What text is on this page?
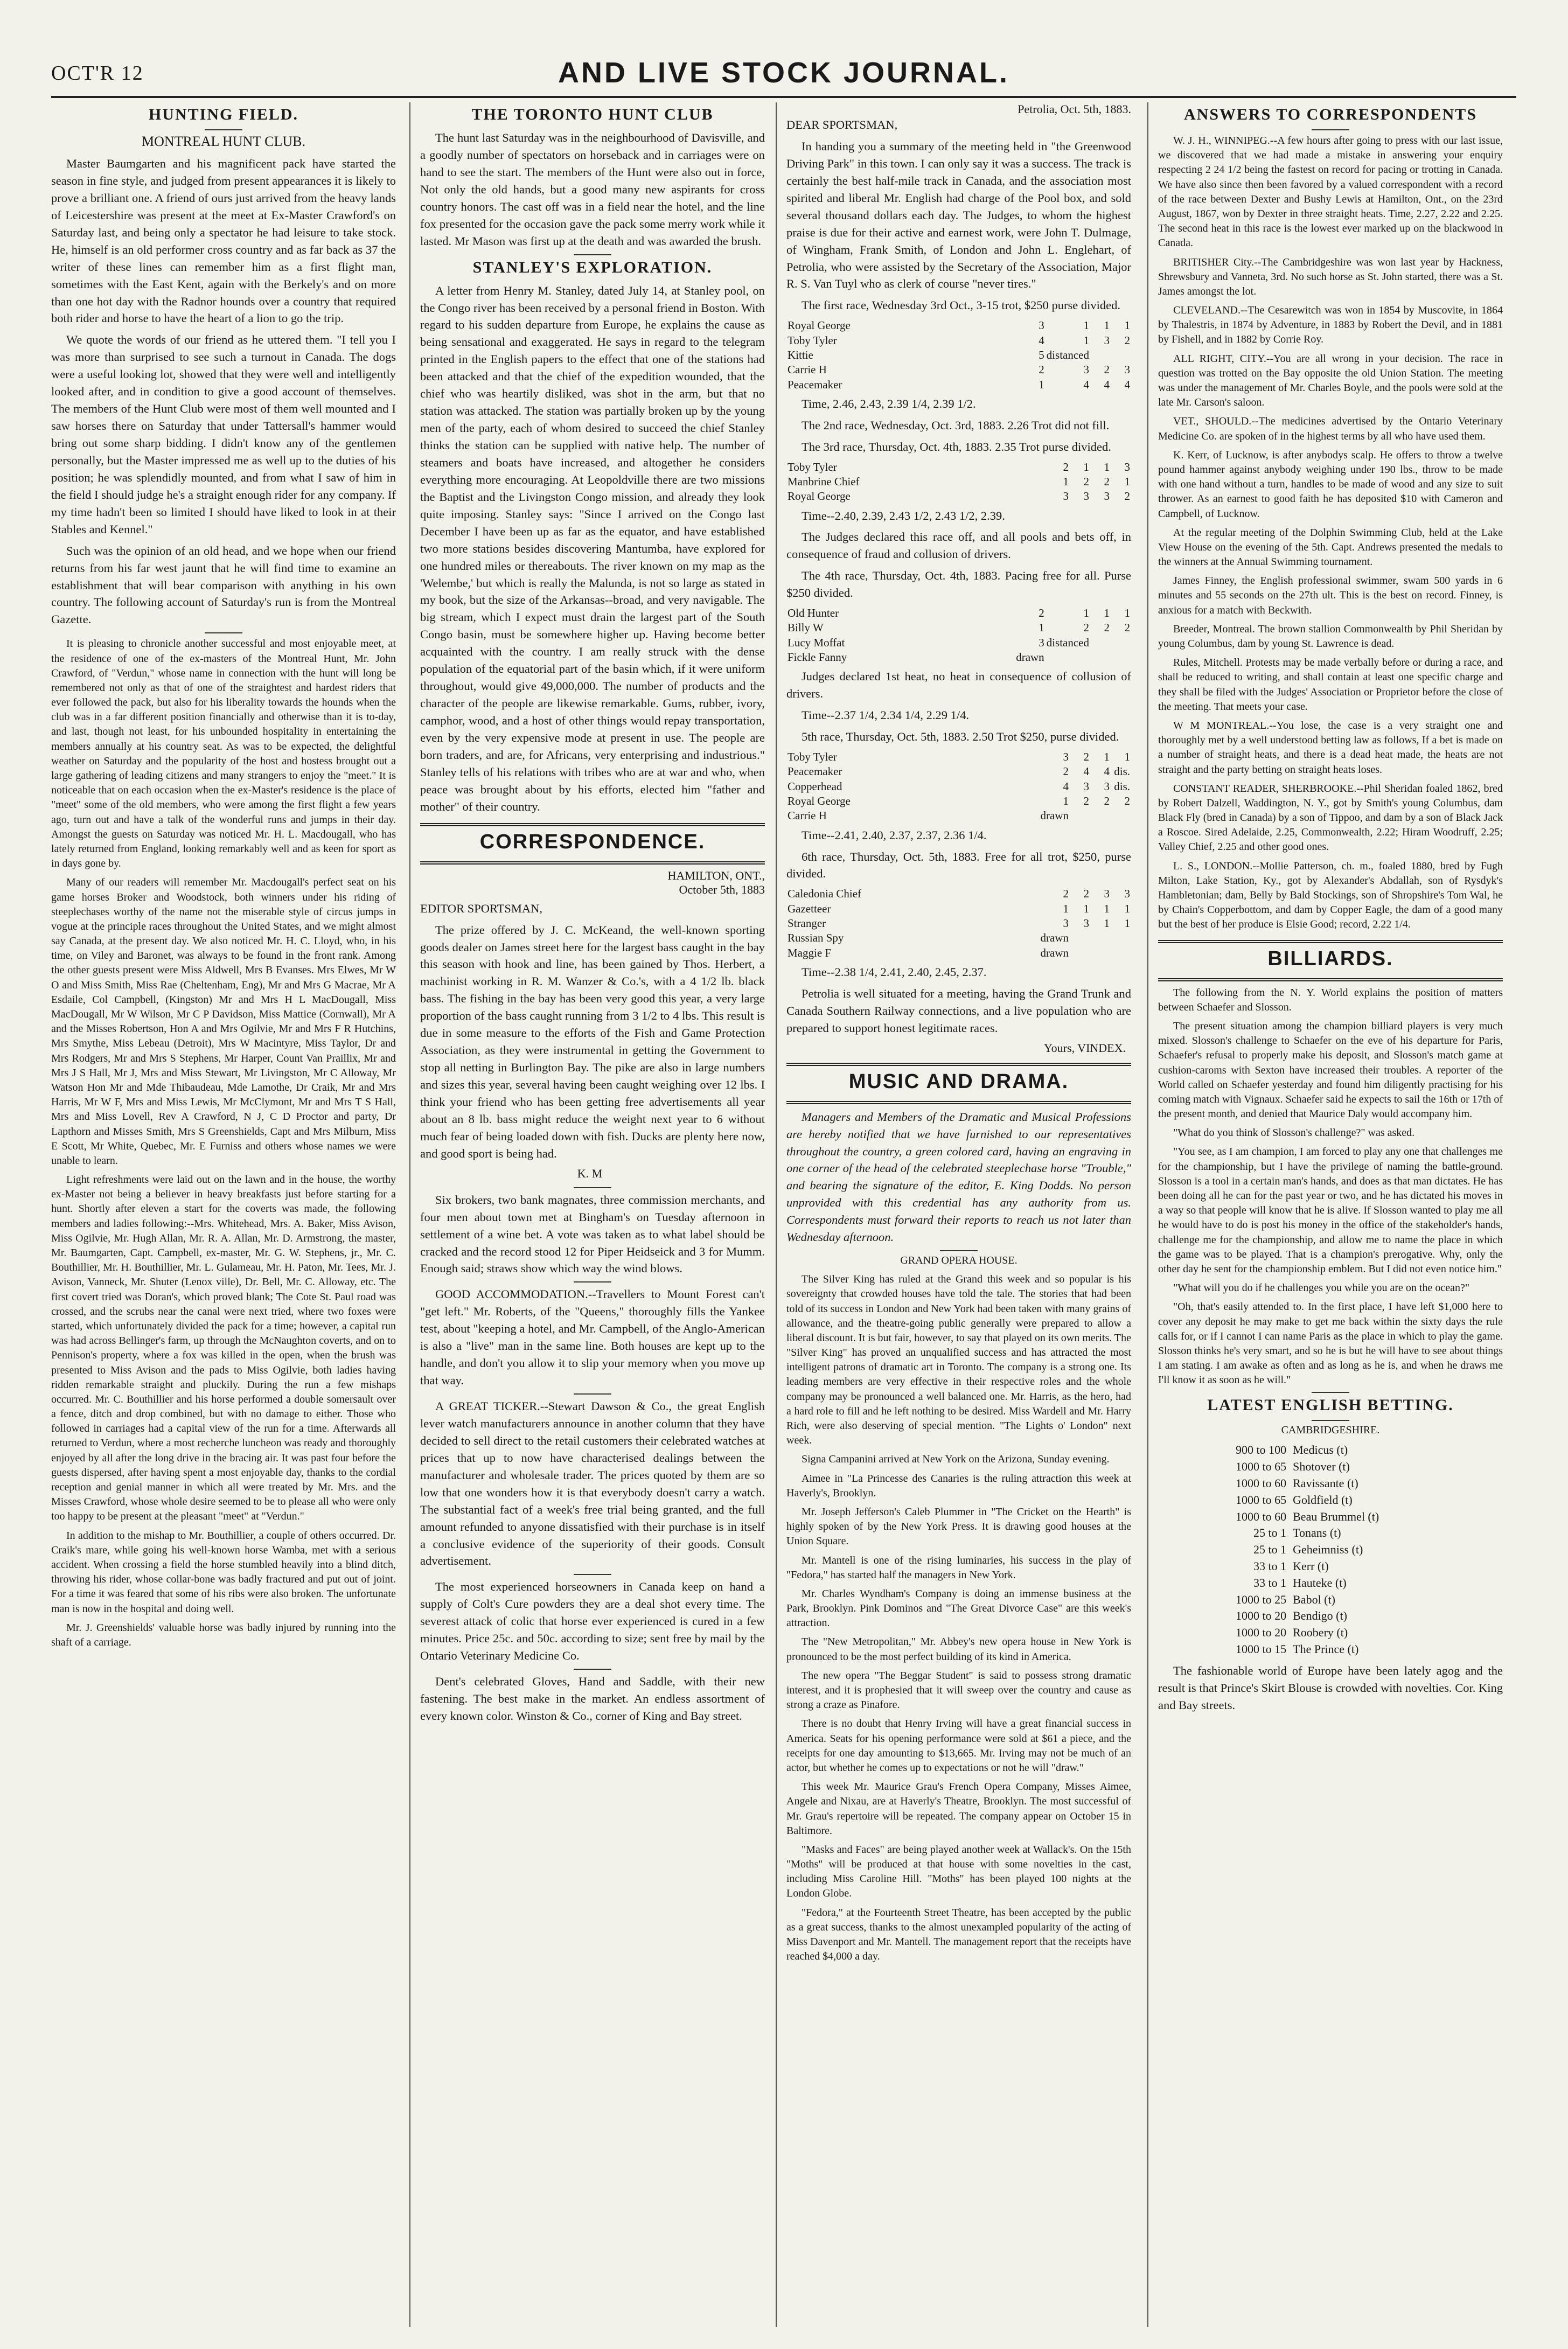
OCT'R 12	AND LIVE STOCK JOURNAL.
HUNTING FIELD.
MONTREAL HUNT CLUB.

Master Baumgarten and his magnificent pack have started the season in fine style, and judged from present appearances it is likely to prove a brilliant one. A friend of ours just arrived from the heavy lands of Leicestershire was present at the meet at Ex-Master Crawford's on Saturday last, and being only a spectator he had leisure to take stock. He, himself is an old performer cross country and as far back as 37 the writer of these lines can remember him as a first flight man, sometimes with the East Kent, again with the Berkely's and on more than one hot day with the Radnor hounds over a country that required both rider and horse to have the heart of a lion to go the trip.

We quote the words of our friend as he uttered them. "I tell you I was more than surprised to see such a turnout in Canada. The dogs were a useful looking lot, showed that they were well and intelligently looked after, and in condition to give a good account of themselves. The members of the Hunt Club were most of them well mounted and I saw horses there on Saturday that under Tattersall's hammer would bring out some sharp bidding. I didn't know any of the gentlemen personally, but the Master impressed me as well up to the duties of his position; he was splendidly mounted, and from what I saw of him in the field I should judge he's a straight enough rider for any company. If my time hadn't been so limited I should have liked to look in at their Stables and Kennel."

Such was the opinion of an old head, and we hope when our friend returns from his far west jaunt that he will find time to examine an establishment that will bear comparison with anything in his own country. The following account of Saturday's run is from the Montreal Gazette.

It is pleasing to chronicle another successful and most enjoyable meet, at the residence of one of the ex-masters of the Montreal Hunt, Mr. John Crawford, of "Verdun," whose name in connection with the hunt will long be remembered not only as that of one of the straightest and hardest riders that ever followed the pack, but also for his liberality towards the hounds when the club was in a far different position financially and otherwise than it is to-day, and last, though not least, for his unbounded hospitality in entertaining the members annually at his country seat. As was to be expected, the delightful weather on Saturday and the popularity of the host and hostess brought out a large gathering of leading citizens and many strangers to enjoy the "meet." It is noticeable that on each occasion when the ex-Master's residence is the place of "meet" some of the old members, who were among the first flight a few years ago, turn out and have a talk of the wonderful runs and jumps in their day. Amongst the guests on Saturday was noticed Mr. H. L. Macdougall, who has lately returned from England, looking remarkably well and as keen for sport as in days gone by.

Many of our readers will remember Mr. Macdougall's perfect seat on his game horses Broker and Woodstock, both winners under his riding of steeplechases worthy of the name not the miserable style of circus jumps in vogue at the principle races throughout the United States, and we might almost say Canada, at the present day. We also noticed Mr. H. C. Lloyd, who, in his time, on Viley and Baronet, was always to be found in the front rank. Among the other guests present were Miss Aldwell, Mrs B Evanses. Mrs Elwes, Mr W O and Miss Smith, Miss Rae (Cheltenham, Eng), Mr and Mrs G Macrae, Mr A Esdaile, Col Campbell, (Kingston) Mr and Mrs H L MacDougall, Miss MacDougall, Mr W Wilson, Mr C P Davidson, Miss Mattice (Cornwall), Mr A and the Misses Robertson, Hon A and Mrs Ogilvie, Mr and Mrs F R Hutchins, Mrs Smythe, Miss Lebeau (Detroit), Mrs W Macintyre, Miss Taylor, Dr and Mrs Rodgers, Mr and Mrs S Stephens, Mr Harper, Count Van Praillix, Mr and Mrs J S Hall, Mr J, Mrs and Miss Stewart, Mr Livingston, Mr C Alloway, Mr Watson Hon Mr and Mde Thibaudeau, Mde Lamothe, Dr Craik, Mr and Mrs Harris, Mr W F, Mrs and Miss Lewis, Mr McClymont, Mr and Mrs T S Hall, Mrs and Miss Lovell, Rev A Crawford, N J, C D Proctor and party, Dr Lapthorn and Misses Smith, Mrs S Greenshields, Capt and Mrs Milburn, Miss E Scott, Mr White, Quebec, Mr. E Furniss and others whose names we were unable to learn.

Light refreshments were laid out on the lawn and in the house, the worthy ex-Master not being a believer in heavy breakfasts just before starting for a hunt. Shortly after eleven a start for the coverts was made, the following members and ladies following:--Mrs. Whitehead, Mrs. A. Baker, Miss Avison, Miss Ogilvie, Mr. Hugh Allan, Mr. R. A. Allan, Mr. D. Armstrong, the master, Mr. Baumgarten, Capt. Campbell, ex-master, Mr. G. W. Stephens, jr., Mr. C. Bouthillier, Mr. H. Bouthillier, Mr. L. Gulameau, Mr. H. Paton, Mr. Tees, Mr. J. Avison, Vanneck, Mr. Shuter (Lenox ville), Dr. Bell, Mr. C. Alloway, etc. The first covert tried was Doran's, which proved blank; The Cote St. Paul road was crossed, and the scrubs near the canal were next tried, where two foxes were started, which unfortunately divided the pack for a time; however, a capital run was had across Bellinger's farm, up through the McNaughton coverts, and on to Pennison's property, where a fox was killed in the open, when the brush was presented to Miss Avison and the pads to Miss Ogilvie, both ladies having ridden remarkable straight and pluckily. During the run a few mishaps occurred. Mr. C. Bouthillier and his horse performed a double somersault over a fence, ditch and drop combined, but with no damage to either. Those who followed in carriages had a capital view of the run for a time. Afterwards all returned to Verdun, where a most recherche luncheon was ready and thoroughly enjoyed by all after the long drive in the bracing air. It was past four before the guests dispersed, after having spent a most enjoyable day, thanks to the cordial reception and genial manner in which all were treated by Mr. Mrs. and the Misses Crawford, whose whole desire seemed to be to please all who were only too happy to be present at the pleasant "meet" at "Verdun."

In addition to the mishap to Mr. Bouthillier, a couple of others occurred. Dr. Craik's mare, while going his well-known horse Wamba, met with a serious accident. When crossing a field the horse stumbled heavily into a blind ditch, throwing his rider, whose collar-bone was badly fractured and put out of joint. For a time it was feared that some of his ribs were also broken. The unfortunate man is now in the hospital and doing well.

Mr. J. Greenshields' valuable horse was badly injured by running into the shaft of a carriage.

THE TORONTO HUNT CLUB

The hunt last Saturday was in the neighbourhood of Davisville, and a goodly number of spectators on horseback and in carriages were on hand to see the start. The members of the Hunt were also out in force, Not only the old hands, but a good many new aspirants for cross country honors. The cast off was in a field near the hotel, and the line fox presented for the occasion gave the pack some merry work while it lasted. Mr Mason was first up at the death and was awarded the brush.

STANLEY'S EXPLORATION.

A letter from Henry M. Stanley, dated July 14, at Stanley pool, on the Congo river has been received by a personal friend in Boston. With regard to his sudden departure from Europe, he explains the cause as being sensational and exaggerated. He says in regard to the telegram printed in the English papers to the effect that one of the stations had been attacked and that the chief of the expedition wounded, that the chief who was heartily disliked, was shot in the arm, but that no station was attacked. The station was partially broken up by the young men of the party, each of whom desired to succeed the chief Stanley thinks the station can be supplied with native help. The number of steamers and boats have increased, and altogether he considers everything more encouraging. At Leopoldville there are two missions the Baptist and the Livingston Congo mission, and already they look quite imposing. Stanley says: "Since I arrived on the Congo last December I have been up as far as the equator, and have established two more stations besides discovering Mantumba, have explored for one hundred miles or thereabouts. The river known on my map as the 'Welembe,' but which is really the Malunda, is not so large as stated in my book, but the size of the Arkansas--broad, and very navigable. The big stream, which I expect must drain the largest part of the South Congo basin, must be somewhere higher up. Having become better acquainted with the country. I am really struck with the dense population of the equatorial part of the basin which, if it were uniform throughout, would give 49,000,000. The number of products and the character of the people are likewise remarkable. Gums, rubber, ivory, camphor, wood, and a host of other things would repay transportation, even by the very expensive mode at present in use. The people are born traders, and are, for Africans, very enterprising and industrious." Stanley tells of his relations with tribes who are at war and who, when peace was brought about by his efforts, elected him "father and mother" of their country.

CORRESPONDENCE.
HAMILTON, ONT.,
October 5th, 1883

EDITOR SPORTSMAN,

The prize offered by J. C. McKeand, the well-known sporting goods dealer on James street here for the largest bass caught in the bay this season with hook and line, has been gained by Thos. Herbert, a machinist working in R. M. Wanzer & Co.'s, with a 4 1/2 lb. black bass. The fishing in the bay has been very good this year, a very large proportion of the bass caught running from 3 1/2 to 4 lbs. This result is due in some measure to the efforts of the Fish and Game Protection Association, as they were instrumental in getting the Government to stop all netting in Burlington Bay. The pike are also in large numbers and sizes this year, several having been caught weighing over 12 lbs. I think your friend who has been getting free advertisements all year about an 8 lb. bass might reduce the weight next year to 6 without much fear of being loaded down with fish. Ducks are plenty here now, and good sport is being had.

K. M

Six brokers, two bank magnates, three commission merchants, and four men about town met at Bingham's on Tuesday afternoon in settlement of a wine bet. A vote was taken as to what label should be cracked and the record stood 12 for Piper Heidseick and 3 for Mumm. Enough said; straws show which way the wind blows.

GOOD ACCOMMODATION.--Travellers to Mount Forest can't "get left." Mr. Roberts, of the "Queens," thoroughly fills the Yankee test, about "keeping a hotel, and Mr. Campbell, of the Anglo-American is also a "live" man in the same line. Both houses are kept up to the handle, and don't you allow it to slip your memory when you move up that way.

A GREAT TICKER.--Stewart Dawson & Co., the great English lever watch manufacturers announce in another column that they have decided to sell direct to the retail customers their celebrated watches at prices that up to now have characterised dealings between the manufacturer and wholesale trader. The prices quoted by them are so low that one wonders how it is that everybody doesn't carry a watch. The substantial fact of a week's free trial being granted, and the full amount refunded to anyone dissatisfied with their purchase is in itself a conclusive evidence of the superiority of their goods. Consult advertisement.

The most experienced horseowners in Canada keep on hand a supply of Colt's Cure powders they are a deal shot every time. The severest attack of colic that horse ever experienced is cured in a few minutes. Price 25c. and 50c. according to size; sent free by mail by the Ontario Veterinary Medicine Co.

Dent's celebrated Gloves, Hand and Saddle, with their new fastening. The best make in the market. An endless assortment of every known color. Winston & Co., corner of King and Bay street.

Petrolia, Oct. 5th, 1883.

DEAR SPORTSMAN,

In handing you a summary of the meeting held in "the Greenwood Driving Park" in this town. I can only say it was a success. The track is certainly the best half-mile track in Canada, and the association most spirited and liberal Mr. English had charge of the Pool box, and sold several thousand dollars each day. The Judges, to whom the highest praise is due for their active and earnest work, were John T. Dulmage, of Wingham, Frank Smith, of London and John L. Englehart, of Petrolia, who were assisted by the Secretary of the Association, Major R. S. Van Tuyl who as clerk of course "never tires."

The first race, Wednesday 3rd Oct., 3-15 trot, $250 purse divided.

Royal George	3	1	1	1
Toby Tyler	4	1	3	2
Kittie	5	distanced		
Carrie H	2	3	2	3
Peacemaker	1	4	4	4

Time, 2.46, 2.43, 2.39 1/4, 2.39 1/2.

The 2nd race, Wednesday, Oct. 3rd, 1883. 2.26 Trot did not fill.

The 3rd race, Thursday, Oct. 4th, 1883. 2.35 Trot purse divided.

Toby Tyler	2	1	1	3
Manbrine Chief	1	2	2	1
Royal George	3	3	3	2

Time--2.40, 2.39, 2.43 1/2, 2.43 1/2, 2.39.

The Judges declared this race off, and all pools and bets off, in consequence of fraud and collusion of drivers.

The 4th race, Thursday, Oct. 4th, 1883. Pacing free for all. Purse $250 divided.

Old Hunter	2	1	1	1
Billy W	1	2	2	2
Lucy Moffat	3	distanced		
Fickle Fanny	drawn			

Judges declared 1st heat, no heat in consequence of collusion of drivers.

Time--2.37 1/4, 2.34 1/4, 2.29 1/4.

5th race, Thursday, Oct. 5th, 1883. 2.50 Trot $250, purse divided.

Toby Tyler	3	2	1	1
Peacemaker	2	4	4	dis.
Copperhead	4	3	3	dis.
Royal George	1	2	2	2
Carrie H	drawn			

Time--2.41, 2.40, 2.37, 2.37, 2.36 1/4.

6th race, Thursday, Oct. 5th, 1883. Free for all trot, $250, purse divided.

Caledonia Chief	2	2	3	3
Gazetteer	1	1	1	1
Stranger	3	3	1	1
Russian Spy	drawn			
Maggie F	drawn			

Time--2.38 1/4, 2.41, 2.40, 2.45, 2.37.

Petrolia is well situated for a meeting, having the Grand Trunk and Canada Southern Railway connections, and a live population who are prepared to support honest legitimate races.

Yours, VINDEX.
MUSIC AND DRAMA.

Managers and Members of the Dramatic and Musical Professions are hereby notified that we have furnished to our representatives throughout the country, a green colored card, having an engraving in one corner of the head of the celebrated steeplechase horse "Trouble," and bearing the signature of the editor, E. King Dodds. No person unprovided with this credential has any authority from us. Correspondents must forward their reports to reach us not later than Wednesday afternoon.

GRAND OPERA HOUSE.

The Silver King has ruled at the Grand this week and so popular is his sovereignty that crowded houses have told the tale. The stories that had been told of its success in London and New York had been taken with many grains of allowance, and the theatre-going public generally were prepared to allow a liberal discount. It is but fair, however, to say that played on its own merits. The "Silver King" has proved an unqualified success and has attracted the most intelligent patrons of dramatic art in Toronto. The company is a strong one. Its leading members are very effective in their respective roles and the whole company may be pronounced a well balanced one. Mr. Harris, as the hero, had a hard role to fill and he left nothing to be desired. Miss Wardell and Mr. Harry Rich, were also deserving of special mention. "The Lights o' London" next week.

Signa Campanini arrived at New York on the Arizona, Sunday evening.

Aimee in "La Princesse des Canaries is the ruling attraction this week at Haverly's, Brooklyn.

Mr. Joseph Jefferson's Caleb Plummer in "The Cricket on the Hearth" is highly spoken of by the New York Press. It is drawing good houses at the Union Square.

Mr. Mantell is one of the rising luminaries, his success in the play of "Fedora," has started half the managers in New York.

Mr. Charles Wyndham's Company is doing an immense business at the Park, Brooklyn. Pink Dominos and "The Great Divorce Case" are this week's attraction.

The "New Metropolitan," Mr. Abbey's new opera house in New York is pronounced to be the most perfect building of its kind in America.

The new opera "The Beggar Student" is said to possess strong dramatic interest, and it is prophesied that it will sweep over the country and cause as strong a craze as Pinafore.

There is no doubt that Henry Irving will have a great financial success in America. Seats for his opening performance were sold at $61 a piece, and the receipts for one day amounting to $13,665. Mr. Irving may not be much of an actor, but whether he comes up to expectations or not he will "draw."

This week Mr. Maurice Grau's French Opera Company, Misses Aimee, Angele and Nixau, are at Haverly's Theatre, Brooklyn. The most successful of Mr. Grau's repertoire will be repeated. The company appear on October 15 in Baltimore.

"Masks and Faces" are being played another week at Wallack's. On the 15th "Moths" will be produced at that house with some novelties in the cast, including Miss Caroline Hill. "Moths" has been played 100 nights at the London Globe.

"Fedora," at the Fourteenth Street Theatre, has been accepted by the public as a great success, thanks to the almost unexampled popularity of the acting of Miss Davenport and Mr. Mantell. The management report that the receipts have reached $4,000 a day.

ANSWERS TO CORRESPONDENTS

W. J. H., WINNIPEG.--A few hours after going to press with our last issue, we discovered that we had made a mistake in answering your enquiry respecting 2 24 1/2 being the fastest on record for pacing or trotting in Canada. We have also since then been favored by a valued correspondent with a record of the race between Dexter and Bushy Lewis at Hamilton, Ont., on the 23rd August, 1867, won by Dexter in three straight heats. Time, 2.27, 2.22 and 2.25. The second heat in this race is the lowest ever marked up on the blackwood in Canada.

BRITISHER City.--The Cambridgeshire was won last year by Hackness, Shrewsbury and Vanneta, 3rd. No such horse as St. John started, there was a St. James amongst the lot.

CLEVELAND.--The Cesarewitch was won in 1854 by Muscovite, in 1864 by Thalestris, in 1874 by Adventure, in 1883 by Robert the Devil, and in 1881 by Fishell, and in 1882 by Corrie Roy.

ALL RIGHT, CITY.--You are all wrong in your decision. The race in question was trotted on the Bay opposite the old Union Station. The meeting was under the management of Mr. Charles Boyle, and the pools were sold at the late Mr. Carson's saloon.

VET., SHOULD.--The medicines advertised by the Ontario Veterinary Medicine Co. are spoken of in the highest terms by all who have used them.

K. Kerr, of Lucknow, is after anybodys scalp. He offers to throw a twelve pound hammer against anybody weighing under 190 lbs., throw to be made with one hand without a turn, handles to be made of wood and any size to suit thrower. As an earnest to good faith he has deposited $10 with Cameron and Campbell, of Lucknow.

At the regular meeting of the Dolphin Swimming Club, held at the Lake View House on the evening of the 5th. Capt. Andrews presented the medals to the winners at the Annual Swimming tournament.

James Finney, the English professional swimmer, swam 500 yards in 6 minutes and 55 seconds on the 27th ult. This is the best on record. Finney, is anxious for a match with Beckwith.

Breeder, Montreal. The brown stallion Commonwealth by Phil Sheridan by young Columbus, dam by young St. Lawrence is dead.

Rules, Mitchell. Protests may be made verbally before or during a race, and shall be reduced to writing, and shall contain at least one specific charge and they shall be filed with the Judges' Association or Proprietor before the close of the meeting. That meets your case.

W M MONTREAL.--You lose, the case is a very straight one and thoroughly met by a well understood betting law as follows, If a bet is made on a number of straight heats, and there is a dead heat made, the heats are not straight and the party betting on straight heats loses.

CONSTANT READER, SHERBROOKE.--Phil Sheridan foaled 1862, bred by Robert Dalzell, Waddington, N. Y., got by Smith's young Columbus, dam Black Fly (bred in Canada) by a son of Tippoo, and dam by a son of Black Jack a Roscoe. Sired Adelaide, 2.25, Commonwealth, 2.22; Hiram Woodruff, 2.25; Valley Chief, 2.25 and other good ones.

L. S., LONDON.--Mollie Patterson, ch. m., foaled 1880, bred by Fugh Milton, Lake Station, Ky., got by Alexander's Abdallah, son of Rysdyk's Hambletonian; dam, Belly by Bald Stockings, son of Shropshire's Tom Wal, he by Chain's Copperbottom, and dam by Copper Eagle, the dam of a good many but the best of her produce is Elsie Good; record, 2.22 1/4.

BILLIARDS.

The following from the N. Y. World explains the position of matters between Schaefer and Slosson.

The present situation among the champion billiard players is very much mixed. Slosson's challenge to Schaefer on the eve of his departure for Paris, Schaefer's refusal to properly make his deposit, and Slosson's match game at cushion-caroms with Sexton have increased their troubles. A reporter of the World called on Schaefer yesterday and found him diligently practising for his coming match with Vignaux. Schaefer said he expects to sail the 16th or 17th of the present month, and denied that Maurice Daly would accompany him.

"What do you think of Slosson's challenge?" was asked.

"You see, as I am champion, I am forced to play any one that challenges me for the championship, but I have the privilege of naming the battle-ground. Slosson is a tool in a certain man's hands, and does as that man dictates. He has been doing all he can for the past year or two, and he has dictated his moves in a way so that people will know that he is alive. If Slosson wanted to play me all he would have to do is post his money in the office of the stakeholder's hands, challenge me for the championship, and allow me to name the place in which the game was to be played. That is a champion's prerogative. Why, only the other day he sent for the championship emblem. But I did not even notice him."

"What will you do if he challenges you while you are on the ocean?"

"Oh, that's easily attended to. In the first place, I have left $1,000 here to cover any deposit he may make to get me back within the sixty days the rule calls for, or if I cannot I can name Paris as the place in which to play the game. Slosson thinks he's very smart, and so he is but he will have to see about things I am stating. I am awake as often and as long as he is, and when he draws me I'll know it as soon as he will."

LATEST ENGLISH BETTING.
CAMBRIDGESHIRE.
900 to 100	Medicus (t)
1000 to 65	Shotover (t)
1000 to 60	Ravissante (t)
1000 to 65	Goldfield (t)
1000 to 60	Beau Brummel (t)
25 to 1	Tonans (t)
25 to 1	Geheimniss (t)
33 to 1	Kerr (t)
33 to 1	Hauteke (t)
1000 to 25	Babol (t)
1000 to 20	Bendigo (t)
1000 to 20	Roobery (t)
1000 to 15	The Prince (t)

The fashionable world of Europe have been lately agog and the result is that Prince's Skirt Blouse is crowded with novelties. Cor. King and Bay streets.
